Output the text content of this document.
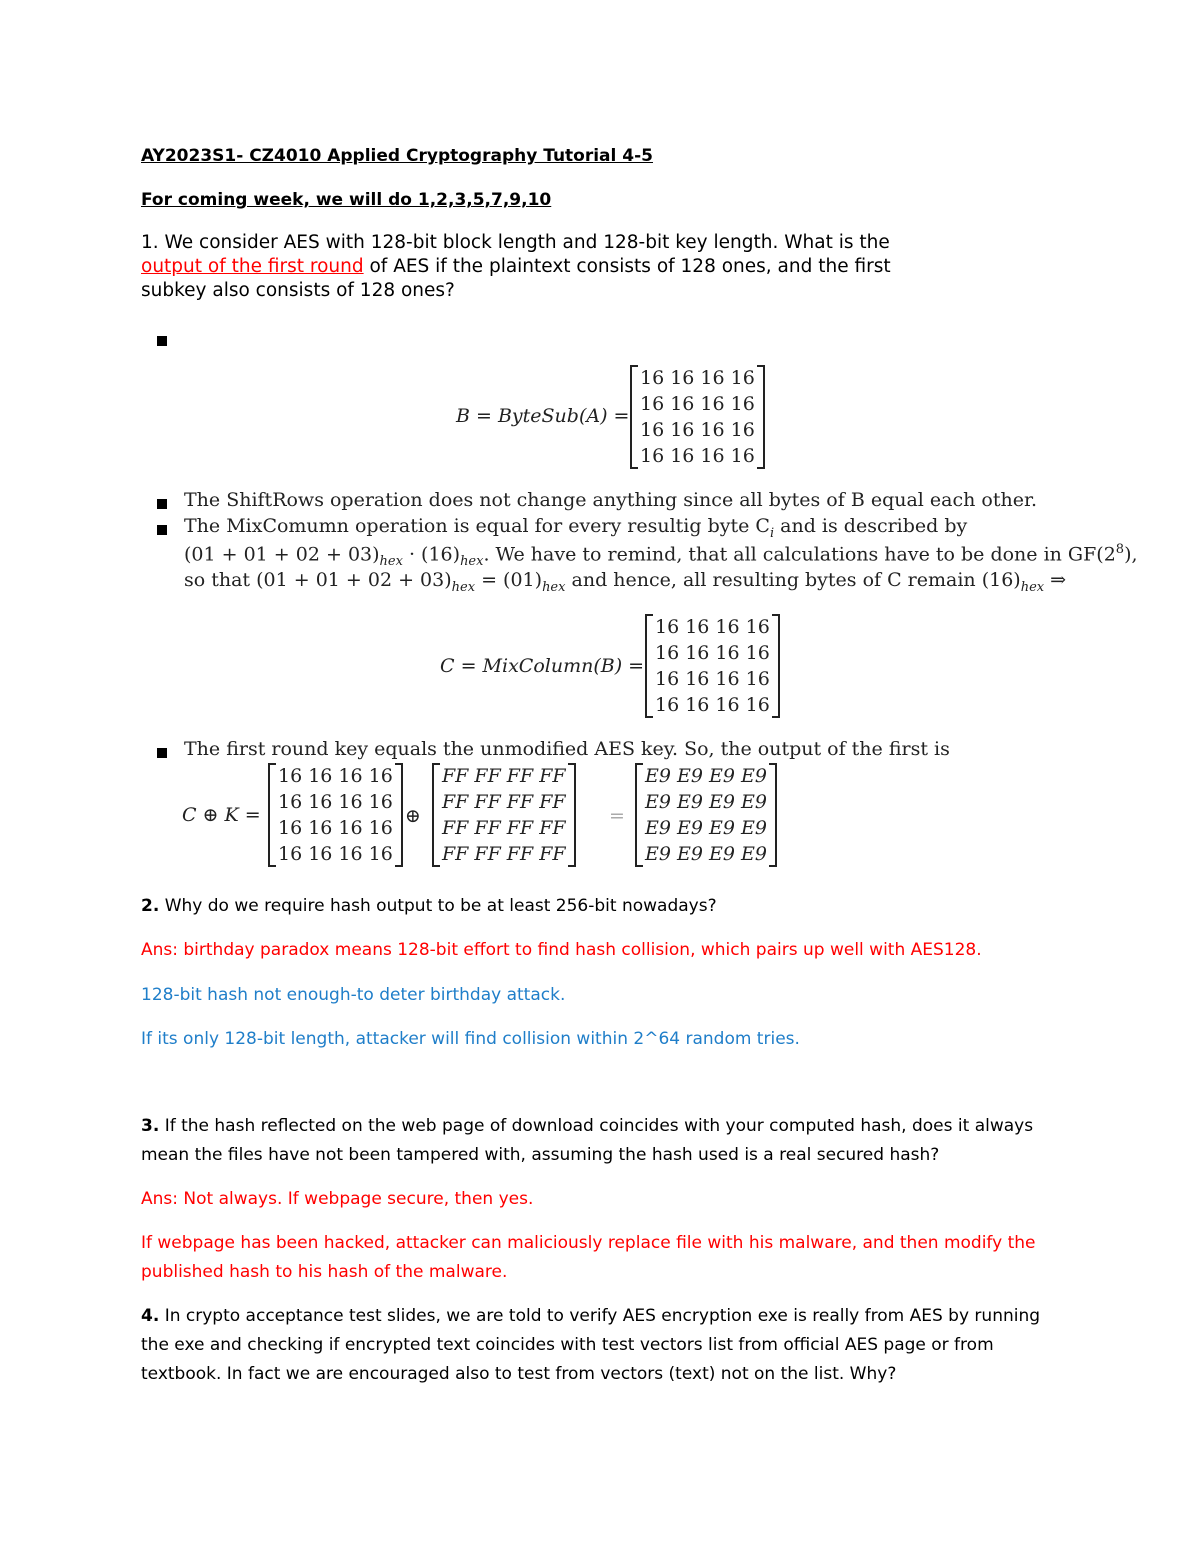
AY2023S1- CZ4010 Applied Cryptography Tutorial 4-5
For coming week, we will do 1,2,3,5,7,9,10
1. We consider AES with 128-bit block length and 128-bit key length. What is the
output of the first round of AES if the plaintext consists of 128 ones, and the first
subkey also consists of 128 ones?
B = ByteSub(A) =
16 16 16 16
16 16 16 16
16 16 16 16
16 16 16 16
The ShiftRows operation does not change anything since all bytes of B equal each other.
The MixComumn operation is equal for every resultig byte $C_i$ and is described by
$(01 + 01 + 02 + 03)_{hex} \cdot (16)_{hex}$. We have to remind, that all calculations have to be done in $GF(2^8)$,
so that $(01 + 01 + 02 + 03)_{hex} = (01)_{hex}$ and hence, all resulting bytes of C remain $(16)_{hex}$ ⇒
C = MixColumn(B) =
16 16 16 16
16 16 16 16
16 16 16 16
16 16 16 16
The first round key equals the unmodified AES key. So, the output of the first is
C ⊕ K =
16 16 16 16
16 16 16 16
16 16 16 16
16 16 16 16
⊕
FF FF FF FF
FF FF FF FF
FF FF FF FF
FF FF FF FF
=
E9 E9 E9 E9
E9 E9 E9 E9
E9 E9 E9 E9
E9 E9 E9 E9
2. Why do we require hash output to be at least 256-bit nowadays?
Ans: birthday paradox means 128-bit effort to find hash collision, which pairs up well with AES128.
128-bit hash not enough-to deter birthday attack.
If its only 128-bit length, attacker will find collision within 2^64 random tries.
3. If the hash reflected on the web page of download coincides with your computed hash, does it always
mean the files have not been tampered with, assuming the hash used is a real secured hash?
Ans: Not always. If webpage secure, then yes.
If webpage has been hacked, attacker can maliciously replace file with his malware, and then modify the
published hash to his hash of the malware.
4. In crypto acceptance test slides, we are told to verify AES encryption exe is really from AES by running
the exe and checking if encrypted text coincides with test vectors list from official AES page or from
textbook. In fact we are encouraged also to test from vectors (text) not on the list. Why?
